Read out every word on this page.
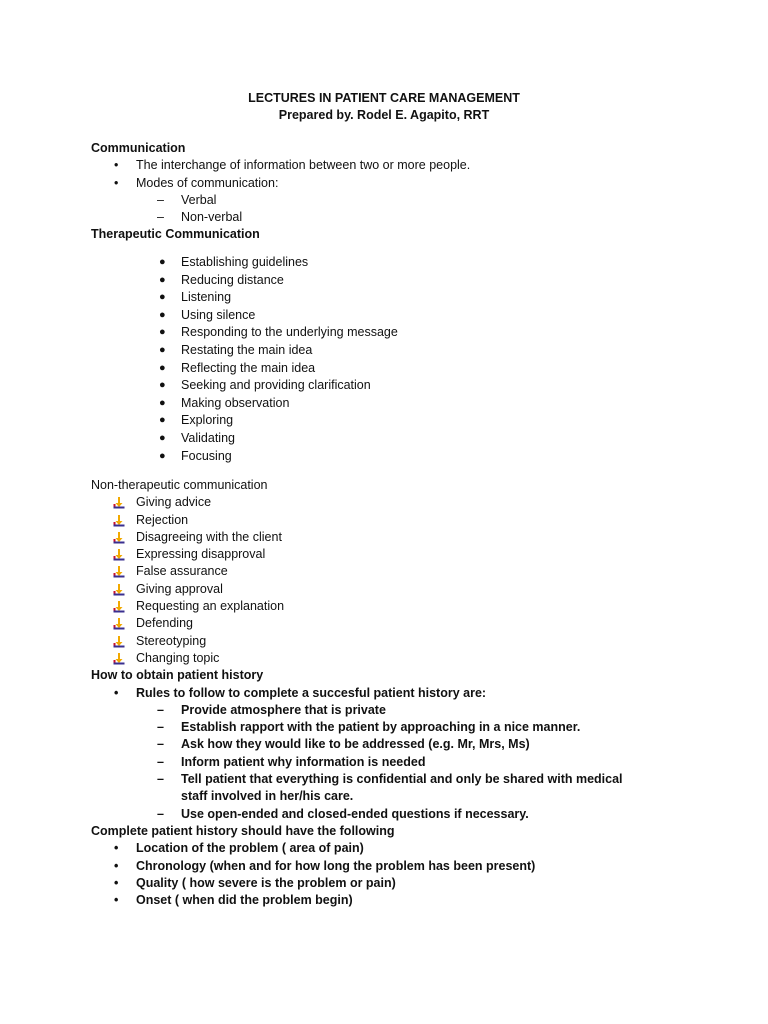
LECTURES IN PATIENT CARE MANAGEMENT
Prepared by. Rodel E. Agapito, RRT
Communication
•	The interchange of information between two or more people.
•	Modes of communication:
– Verbal
– Non-verbal
Therapeutic Communication
● Establishing guidelines
● Reducing distance
● Listening
● Using silence
● Responding to the underlying message
● Restating the main idea
● Reflecting the main idea
● Seeking and providing clarification
● Making observation
● Exploring
● Validating
● Focusing
Non-therapeutic communication
Giving advice
Rejection
Disagreeing with the client
Expressing disapproval
False assurance
Giving approval
Requesting an explanation
Defending
Stereotyping
Changing topic
How to obtain patient history
•	Rules to follow to complete a succesful patient history are:
– Provide atmosphere that is private
– Establish rapport with the patient by approaching in a nice manner.
– Ask how they would like to be addressed (e.g. Mr, Mrs, Ms)
– Inform patient why information is needed
– Tell patient that everything is confidential and only be shared with medical staff involved in her/his care.
– Use open-ended and closed-ended questions if necessary.
Complete patient history should have the following
•	Location of the problem ( area of pain)
•	Chronology (when and for how long the problem has been present)
•	Quality ( how severe is the problem or pain)
•	Onset ( when did the problem begin)
